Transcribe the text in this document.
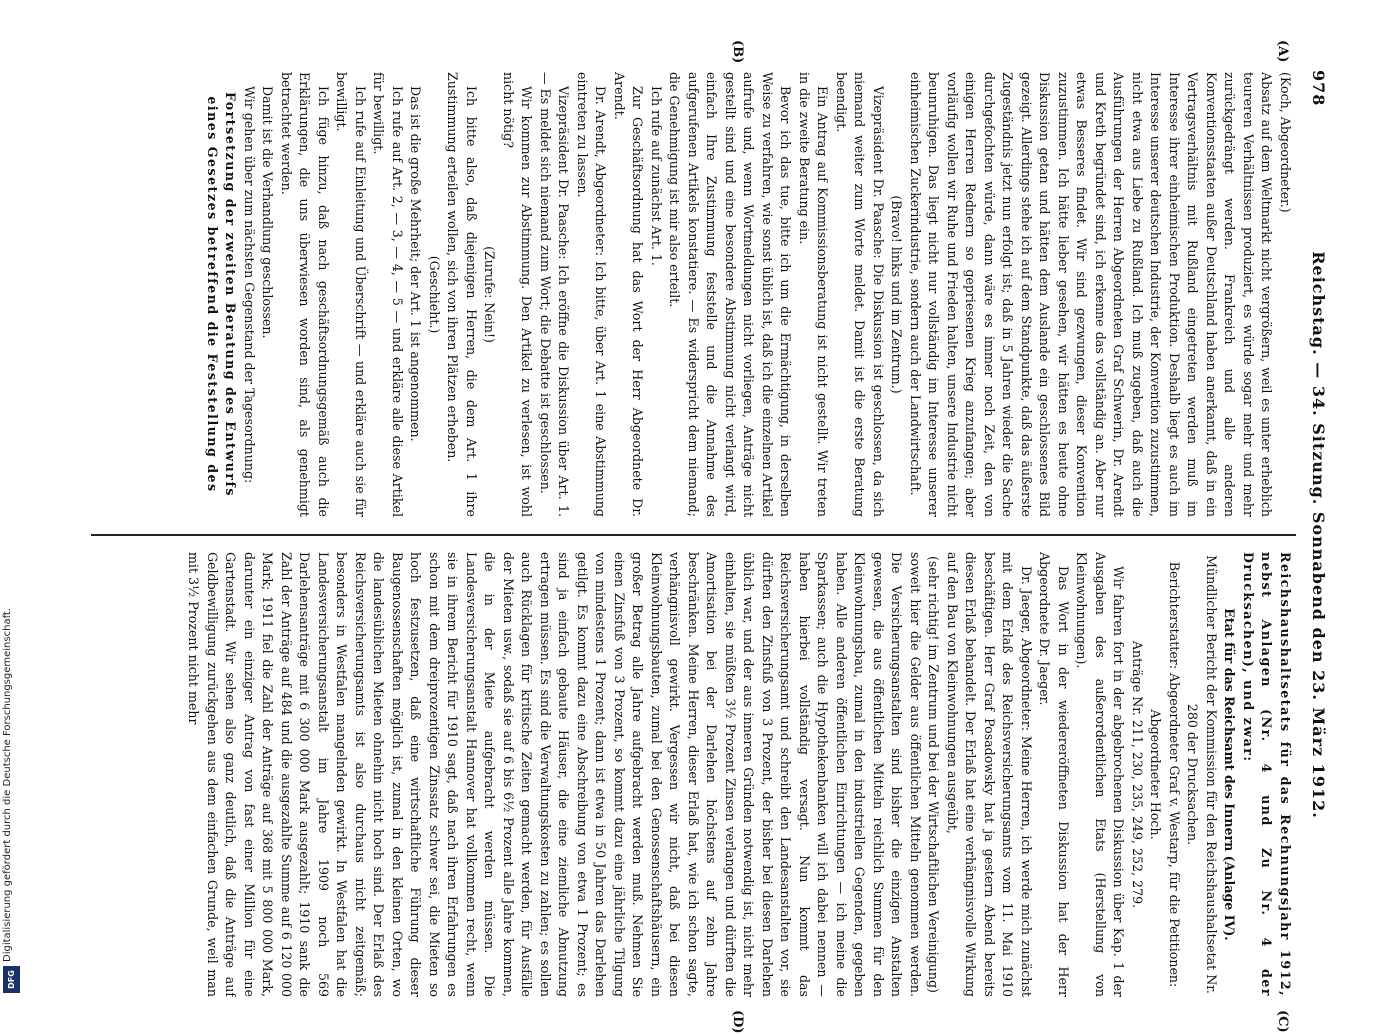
978
Reichstag. — 34. Sitzung. Sonnabend den 23. März 1912.
(A)
(B)
(C)
(D)

(Koch, Abgeordneter.)

Absatz auf dem Weltmarkt nicht vergrößern, weil es unter erheblich teureren Verhältnissen produziert, es würde sogar mehr und mehr zurückgedrängt werden. Frankreich und alle anderen Konventionsstaaten außer Deutschland haben anerkannt, daß in ein Vertragsverhältnis mit Rußland eingetreten werden muß im Interesse ihrer einheimischen Produktion. Deshalb liegt es auch im Interesse unserer deutschen Industrie, der Konvention zuzustimmen, nicht etwa aus Liebe zu Rußland. Ich muß zugeben, daß auch die Ausführungen der Herren Abgeordneten Graf Schwerin, Dr. Arendt und Kreth begründet sind, ich erkenne das vollständig an. Aber nur etwas Besseres findet. Wir sind gezwungen, dieser Konvention zuzustimmen. Ich hätte lieber gesehen, wir hätten es heute ohne Diskussion getan und hätten dem Auslande ein geschlossenes Bild gezeigt. Allerdings stehe ich auf dem Standpunkte, daß das äußerste Zugeständnis jetzt nun erfolgt ist; daß in 5 Jahren wieder die Sache durchgefochten würde, dann wäre es immer noch Zeit, den von einigen Herren Rednern so gepriesenen Krieg anzufangen; aber vorläufig wollen wir Ruhe und Frieden halten, unsere Industrie nicht beunruhigen. Das liegt nicht nur vollständig im Interesse unserer einheimischen Zuckerindustrie, sondern auch der Landwirtschaft.

(Bravo! links und im Zentrum.)

Vizepräsident Dr. Paasche: Die Diskussion ist geschlossen, da sich niemand weiter zum Worte meldet. Damit ist die erste Beratung beendigt.

Ein Antrag auf Kommissionsberatung ist nicht gestellt. Wir treten in die zweite Beratung ein.

Bevor ich das tue, bitte ich um die Ermächtigung, in derselben Weise zu verfahren, wie sonst üblich ist, daß ich die einzelnen Artikel aufrufe und, wenn Wortmeldungen nicht vorliegen, Anträge nicht gestellt sind und eine besondere Abstimmung nicht verlangt wird, einfach Ihre Zustimmung feststelle und die Annahme des aufgerufenen Artikels konstatiere. — Es widerspricht dem niemand; die Genehmigung ist mir also erteilt.

Ich rufe auf zunächst Art. 1.

Zur Geschäftsordnung hat das Wort der Herr Abgeordnete Dr. Arendt.

Dr. Arendt, Abgeordneter: Ich bitte, über Art. 1 eine Abstimmung eintreten zu lassen.

Vizepräsident Dr. Paasche: Ich eröffne die Diskussion über Art. 1. — Es meldet sich niemand zum Wort; die Debatte ist geschlossen.

Wir kommen zur Abstimmung. Den Artikel zu verlesen, ist wohl nicht nötig?

(Zurufe: Nein!)

Ich bitte also, daß diejenigen Herren, die dem Art. 1 ihre Zustimmung erteilen wollen, sich von ihren Plätzen erheben.

(Geschieht.)

Das ist die große Mehrheit; der Art. 1 ist angenommen.

Ich rufe auf Art. 2, — 3, — 4, — 5 — und erkläre alle diese Artikel für bewilligt.

Ich rufe auf Einleitung und Überschrift — und erkläre auch sie für bewilligt.

Ich füge hinzu, daß nach geschäftsordnungsgemäß auch die Erklärungen, die uns überwiesen worden sind, als genehmigt betrachtet werden.

Damit ist die Verhandlung geschlossen.

Wir gehen über zum nächsten Gegenstand der Tagesordnung:

Fortsetzung der zweiten Beratung des Entwurfs eines Gesetzes betreffend die Feststellung des

Reichshaushaltsetats für das Rechnungsjahr 1912, nebst Anlagen (Nr. 4 und Zu Nr. 4 der Drucksachen), und zwar:

Etat für das Reichsamt des Innern (Anlage IV).

Mündlicher Bericht der Kommission für den Reichshaushaltsetat Nr. 280 der Drucksachen.

Berichterstatter: Abgeordneter Graf v. Westarp, für die Petitionen: Abgeordneter Hoch.

Anträge Nr. 211, 230, 235, 249, 252, 279.

Wir fahren fort in der abgebrochenen Diskussion über Kap. 1 der Ausgaben des außerordentlichen Etats (Herstellung von Kleinwohnungen).

Das Wort in der wiedereröffneten Diskussion hat der Herr Abgeordnete Dr. Jaeger.

Dr. Jaeger, Abgeordneter: Meine Herren, ich werde mich zunächst mit dem Erlaß des Reichsversicherungsamts vom 11. Mai 1910 beschäftigen. Herr Graf Posadowsky hat ja gestern Abend bereits diesen Erlaß behandelt. Der Erlaß hat eine verhängnisvolle Wirkung auf den Bau von Kleinwohnungen ausgeübt,

(sehr richtig! im Zentrum und bei der Wirtschaftlichen Vereinigung)

soweit hier die Gelder aus öffentlichen Mitteln genommen werden. Die Versicherungsanstalten sind bisher die einzigen Anstalten gewesen, die aus öffentlichen Mitteln reichlich Summen für den Kleinwohnungsbau, zumal in den industriellen Gegenden, gegeben haben. Alle anderen öffentlichen Einrichtungen — ich meine die Sparkassen; auch die Hypothekenbanken will ich dabei nennen — haben hierbei vollständig versagt. Nun kommt das Reichsversicherungsamt und schreibt den Landesanstalten vor, sie dürften den Zinsfuß von 3 Prozent, der bisher bei diesen Darlehen üblich war, und der aus inneren Gründen notwendig ist, nicht mehr einhalten, sie müßten 3½ Prozent Zinsen verlangen und dürften die Amortisation bei der Darlehen höchstens auf zehn Jahre beschränken. Meine Herren, dieser Erlaß hat, wie ich schon sagte, verhängnisvoll gewirkt. Vergessen wir nicht, daß bei diesen Kleinwohnungsbauten, zumal bei den Genossenschaftshäusern, ein großer Betrag alle Jahre aufgebracht werden muß. Nehmen Sie einen Zinsfuß von 3 Prozent, so kommt dazu eine jährliche Tilgung von mindestens 1 Prozent; dann ist etwa in 50 Jahren das Darlehen getilgt. Es kommt dazu eine Abschreibung von etwa 1 Prozent; es sind ja einfach gebaute Häuser, die eine ziemliche Abnutzung ertragen müssen. Es sind die Verwaltungskosten zu zahlen; es sollen auch Rücklagen für kritische Zeiten gemacht werden, für Ausfälle der Mieten usw., sodaß sie auf 6 bis 6½ Prozent alle Jahre kommen, die in der Miete aufgebracht werden müssen. Die Landesversicherungsanstalt Hannover hat vollkommen recht, wenn sie in ihrem Bericht für 1910 sagt, daß nach ihren Erfahrungen es schon mit dem dreiprozentigen Zinssatz schwer sei, die Mieten so hoch festzusetzen, daß eine wirtschaftliche Führung dieser Baugenossenschaften möglich ist, zumal in den kleinen Orten, wo die landesüblichen Mieten ohnehin nicht hoch sind. Der Erlaß des Reichsversicherungsamts ist also durchaus nicht zeitgemäß; besonders in Westfalen mangelnden gewirkt. In Westfalen hat die Landesversicherungsanstalt im Jahre 1909 noch 569 Darlehensanträge mit 6 300 000 Mark ausgezahlt; 1910 sank die Zahl der Anträge auf 484 und die ausgezahlte Summe auf 6 120 000 Mark; 1911 fiel die Zahl der Anträge auf 368 mit 5 800 000 Mark, darunter ein einziger Antrag von fast einer Million für eine Gartenstadt. Wir sehen also ganz deutlich, daß die Anträge auf Geldbewilligung zurückgehen aus dem einfachen Grunde, weil man mit 3½ Prozent nicht mehr

Digitalisierung gefördert durch die Deutsche Forschungsgemeinschaft.
DFG
